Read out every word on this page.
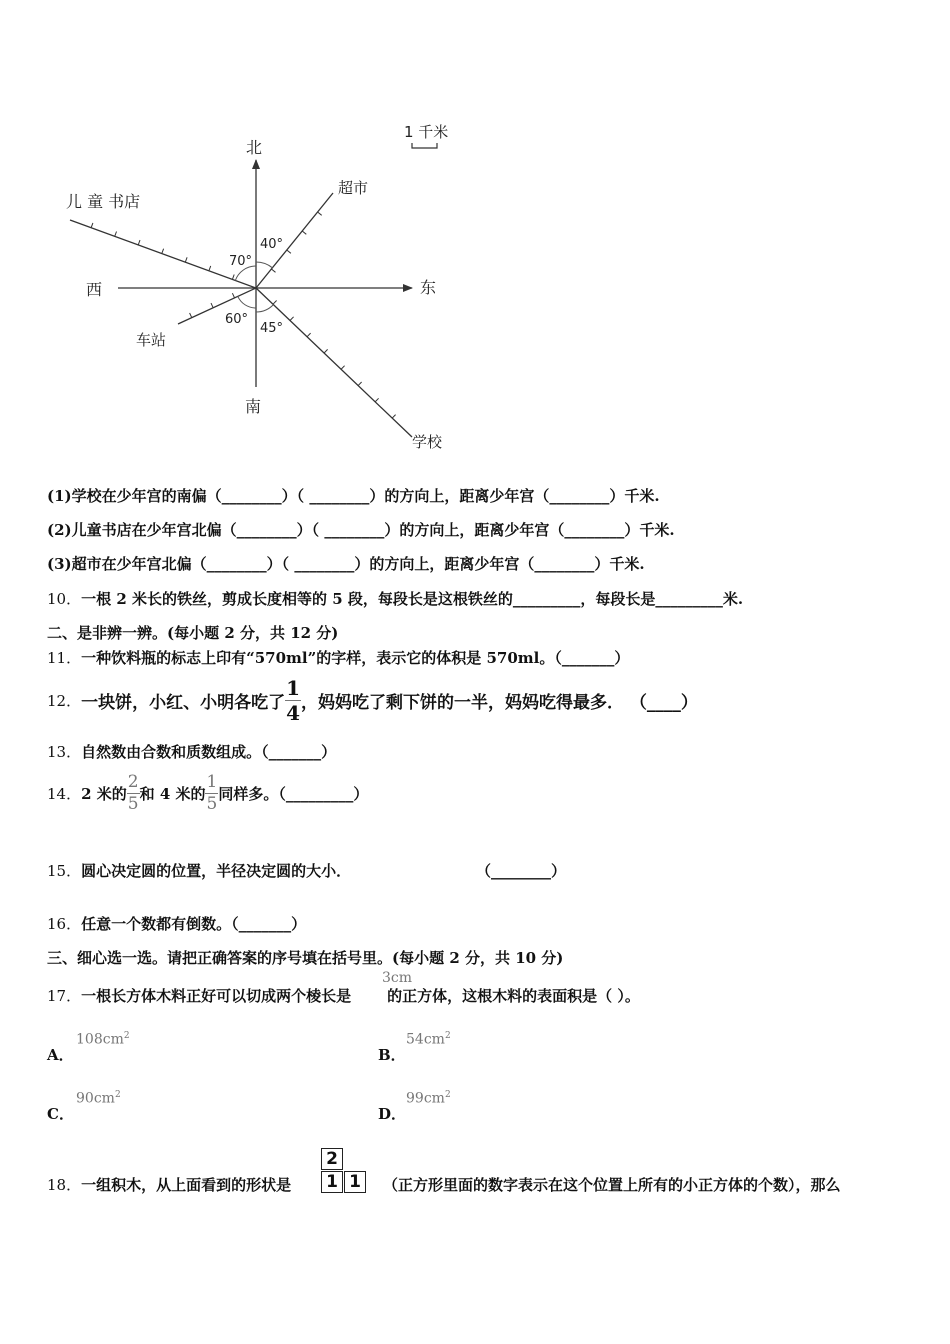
1 千米
北
南
东
西
超市
儿 童 书店
车站
学校
40°
70°
60°
45°
(1)学校在少年宫的南偏（________）（ ________）的方向上，距离少年宫（________）千米.
(2)儿童书店在少年宫北偏（________）（ ________）的方向上，距离少年宫（________）千米.
(3)超市在少年宫北偏（________）（ ________）的方向上，距离少年宫（________）千米.
10．一根 2 米长的铁丝，剪成长度相等的 5 段，每段长是这根铁丝的_________，每段长是_________米.
二、是非辨一辨。(每小题 2 分，共 12 分)
11．一种饮料瓶的标志上印有“570ml”的字样，表示它的体积是 570ml。（_______）
12．一块饼，小红、小明各吃了 $\frac{1}{4}$ ，妈妈吃了剩下饼的一半，妈妈吃得最多． （____）
13．自然数由合数和质数组成。（_______）
14．2 米的 $\frac{2}{5}$ 和 4 米的 $\frac{1}{5}$ 同样多。（_________）
15．圆心决定圆的位置，半径决定圆的大小．	（________）
16．任意一个数都有倒数。（_______）
三、细心选一选。请把正确答案的序号填在括号里。(每小题 2 分，共 10 分)
17．一根长方体木料正好可以切成两个棱长是 的正方体，这根木料的表面积是（ ）。
3cm
A．
$108cm^2$
B．
$54cm^2$
C．
$90cm^2$
D．
$99cm^2$
18．一组积木，从上面看到的形状是
2
1 1	（正方形里面的数字表示在这个位置上所有的小正方体的个数），那么
